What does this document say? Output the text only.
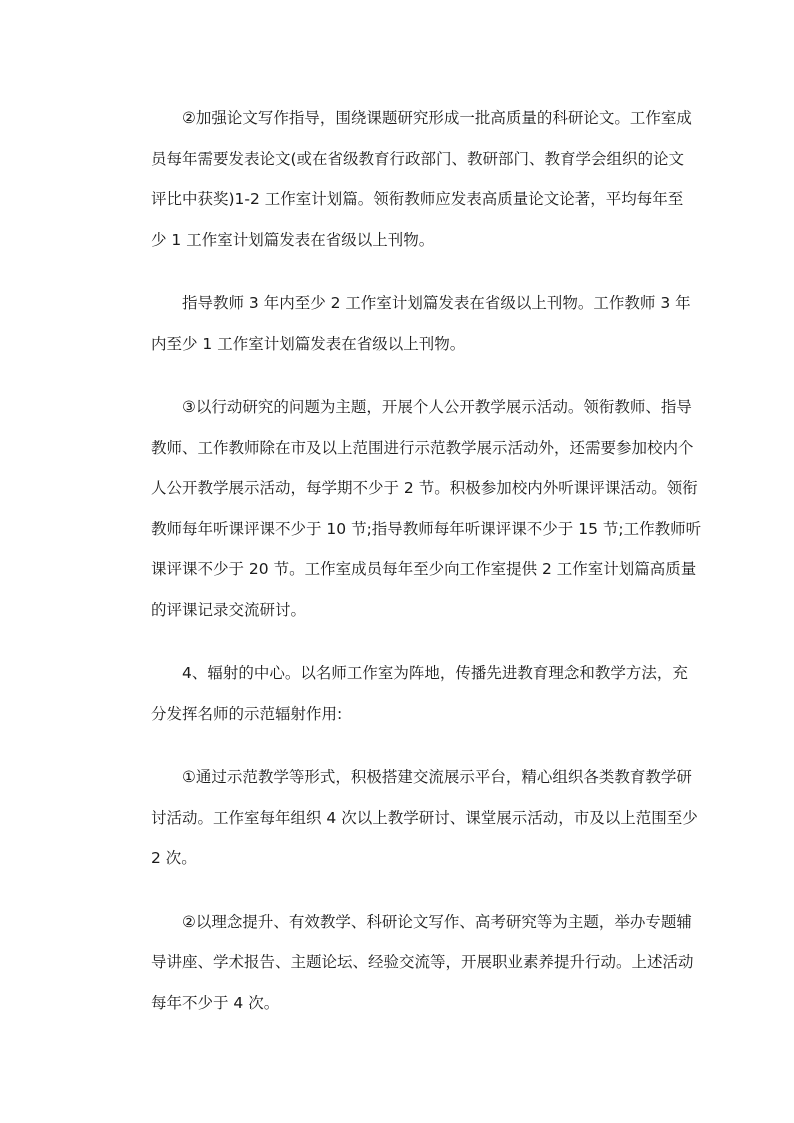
②加强论文写作指导，围绕课题研究形成一批高质量的科研论文。工作室成
员每年需要发表论文(或在省级教育行政部门、教研部门、教育学会组织的论文
评比中获奖)1-2 工作室计划篇。领衔教师应发表高质量论文论著，平均每年至
少 1 工作室计划篇发表在省级以上刊物。
指导教师 3 年内至少 2 工作室计划篇发表在省级以上刊物。工作教师 3 年
内至少 1 工作室计划篇发表在省级以上刊物。
③以行动研究的问题为主题，开展个人公开教学展示活动。领衔教师、指导
教师、工作教师除在市及以上范围进行示范教学展示活动外，还需要参加校内个
人公开教学展示活动，每学期不少于 2 节。积极参加校内外听课评课活动。领衔
教师每年听课评课不少于 10 节;指导教师每年听课评课不少于 15 节;工作教师听
课评课不少于 20 节。工作室成员每年至少向工作室提供 2 工作室计划篇高质量
的评课记录交流研讨。
4、辐射的中心。以名师工作室为阵地，传播先进教育理念和教学方法，充
分发挥名师的示范辐射作用:
①通过示范教学等形式，积极搭建交流展示平台，精心组织各类教育教学研
讨活动。工作室每年组织 4 次以上教学研讨、课堂展示活动，市及以上范围至少
2 次。
②以理念提升、有效教学、科研论文写作、高考研究等为主题，举办专题辅
导讲座、学术报告、主题论坛、经验交流等，开展职业素养提升行动。上述活动
每年不少于 4 次。
